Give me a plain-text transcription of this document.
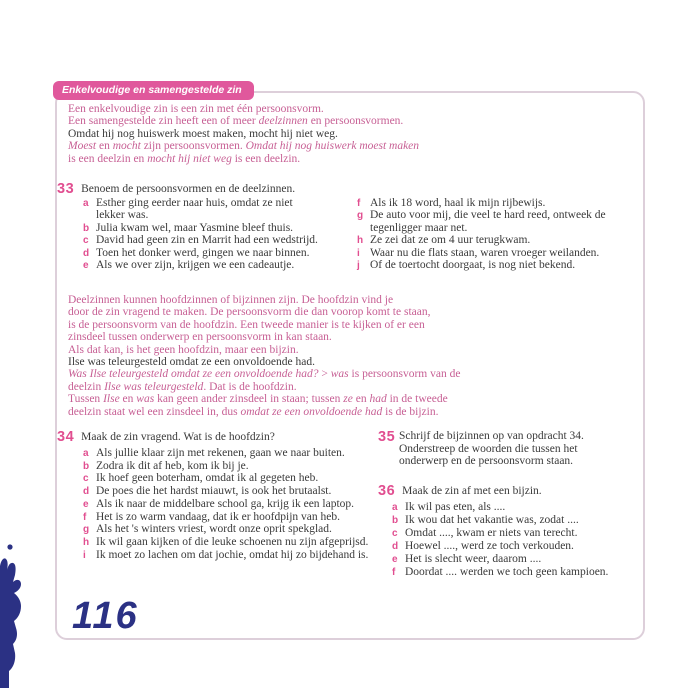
Enkelvoudige en samengestelde zin
Een enkelvoudige zin is een zin met één persoonsvorm.
Een samengestelde zin heeft een of meer deelzinnen en persoonsvormen.
Omdat hij nog huiswerk moest maken, mocht hij niet weg.
Moest en mocht zijn persoonsvormen. Omdat hij nog huiswerk moest maken
is een deelzin en mocht hij niet weg is een deelzin.
33 Benoem de persoonsvormen en de deelzinnen.
a Esther ging eerder naar huis, omdat ze niet
lekker was.
b Julia kwam wel, maar Yasmine bleef thuis.
c David had geen zin en Marrit had een wedstrijd.
d Toen het donker werd, gingen we naar binnen.
e Als we over zijn, krijgen we een cadeautje.
f Als ik 18 word, haal ik mijn rijbewijs.
g De auto voor mij, die veel te hard reed, ontweek de
tegenligger maar net.
h Ze zei dat ze om 4 uur terugkwam.
i Waar nu die flats staan, waren vroeger weilanden.
j Of de toertocht doorgaat, is nog niet bekend.
Deelzinnen kunnen hoofdzinnen of bijzinnen zijn. De hoofdzin vind je
door de zin vragend te maken. De persoonsvorm die dan voorop komt te staan,
is de persoonsvorm van de hoofdzin. Een tweede manier is te kijken of er een
zinsdeel tussen onderwerp en persoonsvorm in kan staan.
Als dat kan, is het geen hoofdzin, maar een bijzin.
Ilse was teleurgesteld omdat ze een onvoldoende had.
Was Ilse teleurgesteld omdat ze een onvoldoende had? > was is persoonsvorm van de
deelzin Ilse was teleurgesteld. Dat is de hoofdzin.
Tussen Ilse en was kan geen ander zinsdeel in staan; tussen ze en had in de tweede
deelzin staat wel een zinsdeel in, dus omdat ze een onvoldoende had is de bijzin.
34 Maak de zin vragend. Wat is de hoofdzin?
a Als jullie klaar zijn met rekenen, gaan we naar buiten.
b Zodra ik dit af heb, kom ik bij je.
c Ik hoef geen boterham, omdat ik al gegeten heb.
d De poes die het hardst miauwt, is ook het brutaalst.
e Als ik naar de middelbare school ga, krijg ik een laptop.
f Het is zo warm vandaag, dat ik er hoofdpijn van heb.
g Als het 's winters vriest, wordt onze oprit spekglad.
h Ik wil gaan kijken of die leuke schoenen nu zijn afgeprijsd.
i Ik moet zo lachen om dat jochie, omdat hij zo bijdehand is.
35 Schrijf de bijzinnen op van opdracht 34.
Onderstreep de woorden die tussen het
onderwerp en de persoonsvorm staan.
36 Maak de zin af met een bijzin.
a Ik wil pas eten, als ....
b Ik wou dat het vakantie was, zodat ....
c Omdat ...., kwam er niets van terecht.
d Hoewel ...., werd ze toch verkouden.
e Het is slecht weer, daarom ....
f Doordat .... werden we toch geen kampioen.
116
